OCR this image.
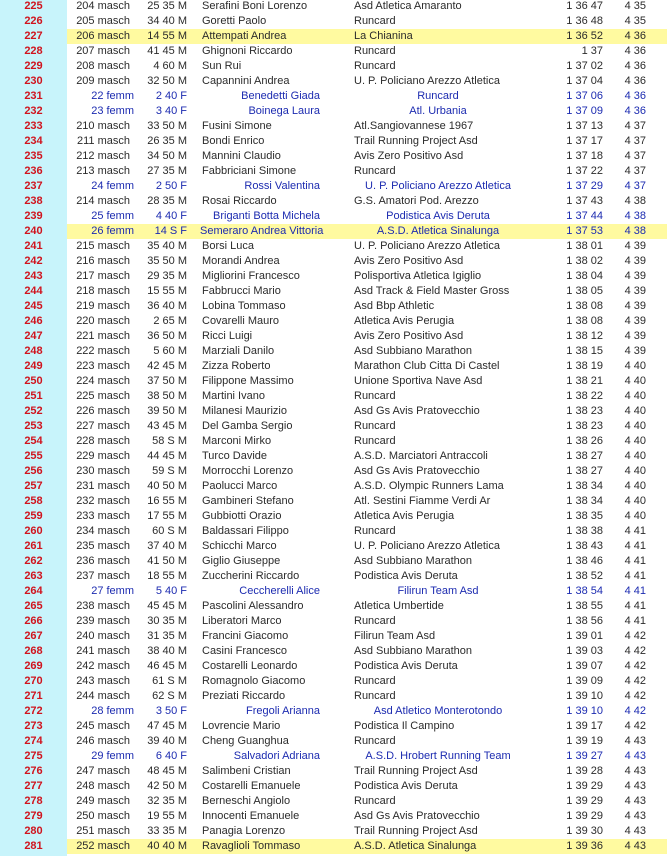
225	204 masch	25 35 M Serafini Boni Lorenzo	Asd Atletica Amaranto	1 36 47	4 35
226	205 masch	34 40 M Goretti Paolo	Runcard	1 36 48	4 35
227	206 masch	14 55 M Attempati Andrea	La Chianina	1 36 52	4 36
228	207 masch	41 45 M Ghignoni Riccardo	Runcard	1 37	4 36
229	208 masch	4 60 M Sun Rui	Runcard	1 37 02	4 36
230	209 masch	32 50 M Capannini Andrea	U. P. Policiano Arezzo Atletica	1 37 04	4 36
231	22 femm	2 40 F	Benedetti Giada	Runcard	1 37 06	4 36
232	23 femm	3 40 F	Boinega Laura	Atl. Urbania	1 37 09	4 36
233	210 masch	33 50 M Fusini Simone	Atl.Sangiovannese 1967	1 37 13	4 37
234	211 masch	26 35 M Bondi Enrico	Trail Running Project Asd	1 37 17	4 37
235	212 masch	34 50 M Mannini Claudio	Avis Zero Positivo Asd	1 37 18	4 37
236	213 masch	27 35 M Fabbriciani Simone	Runcard	1 37 22	4 37
237	24 femm	2 50 F	Rossi Valentina	U. P. Policiano Arezzo Atletica	1 37 29	4 37
238	214 masch	28 35 M Rosai Riccardo	G.S. Amatori Pod. Arezzo	1 37 43	4 38
239	25 femm	4 40 F	Briganti Botta Michela	Podistica Avis Deruta	1 37 44	4 38
240	26 femm	14 S F Semeraro Andrea Vittoria	A.S.D. Atletica Sinalunga	1 37 53	4 38
241	215 masch	35 40 M Borsi Luca	U. P. Policiano Arezzo Atletica	1 38 01	4 39
242	216 masch	35 50 M Morandi Andrea	Avis Zero Positivo Asd	1 38 02	4 39
243	217 masch	29 35 M Migliorini Francesco	Polisportiva Atletica Igiglio	1 38 04	4 39
244	218 masch	15 55 M Fabbrucci Mario	Asd Track & Field Master Gross	1 38 05	4 39
245	219 masch	36 40 M Lobina Tommaso	Asd Bbp Athletic	1 38 08	4 39
246	220 masch	2 65 M Covarelli Mauro	Atletica Avis Perugia	1 38 08	4 39
247	221 masch	36 50 M Ricci Luigi	Avis Zero Positivo Asd	1 38 12	4 39
248	222 masch	5 60 M Marziali Danilo	Asd Subbiano Marathon	1 38 15	4 39
249	223 masch	42 45 M Zizza Roberto	Marathon Club Citta Di Castel	1 38 19	4 40
250	224 masch	37 50 M Filippone Massimo	Unione Sportiva Nave Asd	1 38 21	4 40
251	225 masch	38 50 M Martini Ivano	Runcard	1 38 22	4 40
252	226 masch	39 50 M Milanesi Maurizio	Asd Gs Avis Pratovecchio	1 38 23	4 40
253	227 masch	43 45 M Del Gamba Sergio	Runcard	1 38 23	4 40
254	228 masch	58 S M Marconi Mirko	Runcard	1 38 26	4 40
255	229 masch	44 45 M Turco Davide	A.S.D. Marciatori Antraccoli	1 38 27	4 40
256	230 masch	59 S M Morrocchi Lorenzo	Asd Gs Avis Pratovecchio	1 38 27	4 40
257	231 masch	40 50 M Paolucci Marco	A.S.D. Olympic Runners Lama	1 38 34	4 40
258	232 masch	16 55 M Gambineri Stefano	Atl. Sestini Fiamme Verdi Ar	1 38 34	4 40
259	233 masch	17 55 M Gubbiotti Orazio	Atletica Avis Perugia	1 38 35	4 40
260	234 masch	60 S M Baldassari Filippo	Runcard	1 38 38	4 41
261	235 masch	37 40 M Schicchi Marco	U. P. Policiano Arezzo Atletica	1 38 43	4 41
262	236 masch	41 50 M Giglio Giuseppe	Asd Subbiano Marathon	1 38 46	4 41
263	237 masch	18 55 M Zuccherini Riccardo	Podistica Avis Deruta	1 38 52	4 41
264	27 femm	5 40 F	Ceccherelli Alice	Filirun Team Asd	1 38 54	4 41
265	238 masch	45 45 M Pascolini Alessandro	Atletica Umbertide	1 38 55	4 41
266	239 masch	30 35 M Liberatori Marco	Runcard	1 38 56	4 41
267	240 masch	31 35 M Francini Giacomo	Filirun Team Asd	1 39 01	4 42
268	241 masch	38 40 M Casini Francesco	Asd Subbiano Marathon	1 39 03	4 42
269	242 masch	46 45 M Costarelli Leonardo	Podistica Avis Deruta	1 39 07	4 42
270	243 masch	61 S M Romagnolo Giacomo	Runcard	1 39 09	4 42
271	244 masch	62 S M Preziati Riccardo	Runcard	1 39 10	4 42
272	28 femm	3 50 F	Fregoli Arianna	Asd Atletico Monterotondo	1 39 10	4 42
273	245 masch	47 45 M Lovrencie Mario	Podistica Il Campino	1 39 17	4 42
274	246 masch	39 40 M Cheng Guanghua	Runcard	1 39 19	4 43
275	29 femm	6 40 F	Salvadori Adriana	A.S.D. Hrobert Running Team	1 39 27	4 43
276	247 masch	48 45 M Salimbeni Cristian	Trail Running Project Asd	1 39 28	4 43
277	248 masch	42 50 M Costarelli Emanuele	Podistica Avis Deruta	1 39 29	4 43
278	249 masch	32 35 M Berneschi Angiolo	Runcard	1 39 29	4 43
279	250 masch	19 55 M Innocenti Emanuele	Asd Gs Avis Pratovecchio	1 39 29	4 43
280	251 masch	33 35 M Panagia Lorenzo	Trail Running Project Asd	1 39 30	4 43
281	252 masch	40 40 M Ravaglioli Tommaso	A.S.D. Atletica Sinalunga	1 39 36	4 43
